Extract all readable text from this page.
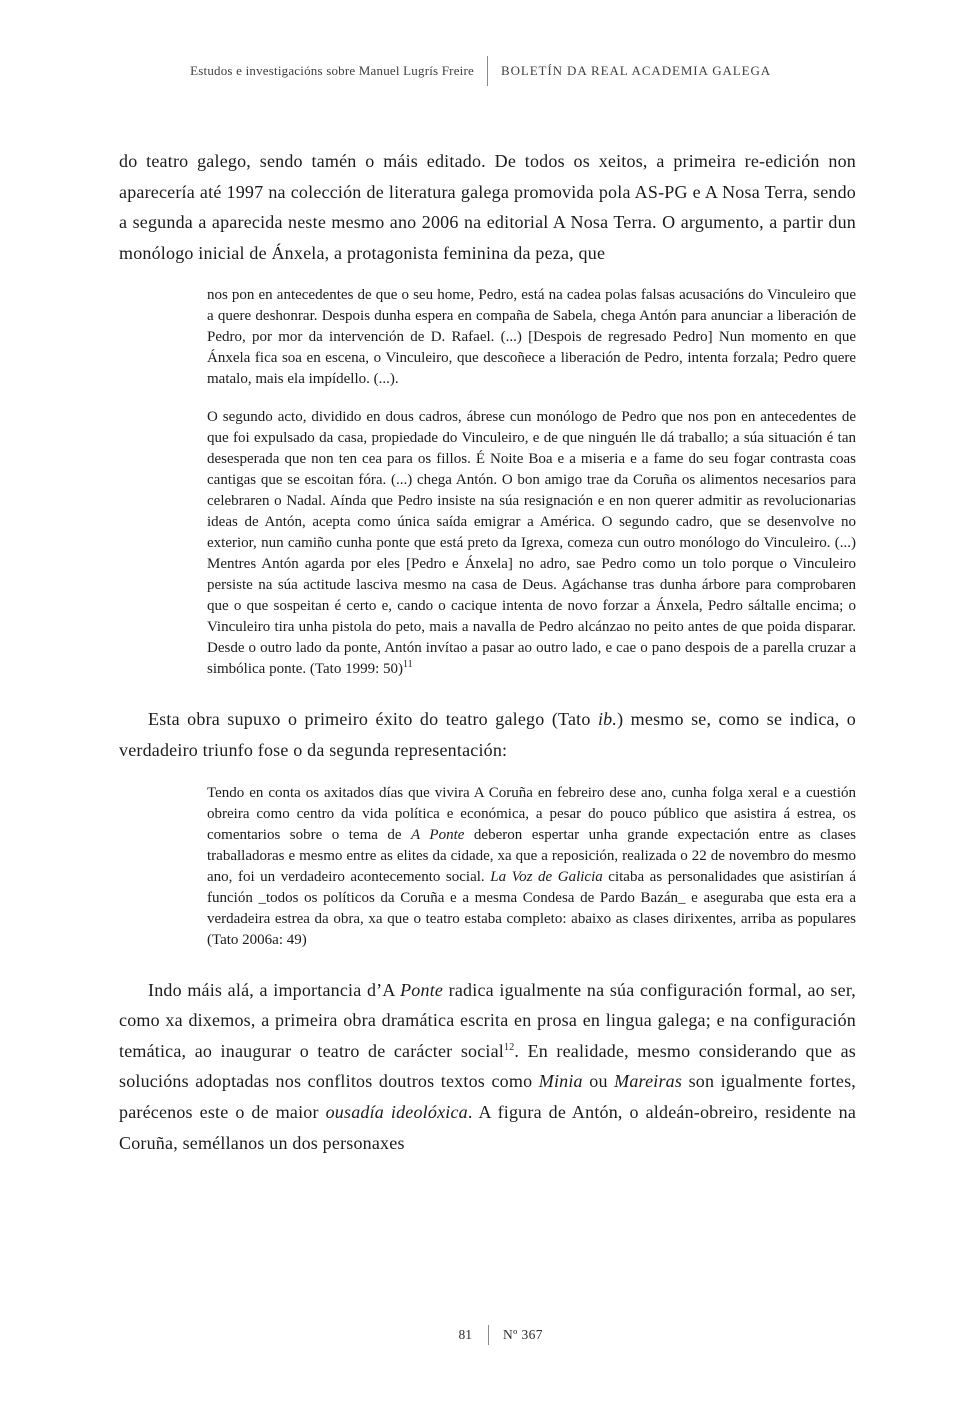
Estudos e investigacións sobre Manuel Lugrís Freire	BOLETÍN DA REAL ACADEMIA GALEGA

do teatro galego, sendo tamén o máis editado. De todos os xeitos, a primeira re-edición non aparecería até 1997 na colección de literatura galega promovida pola AS-PG e A Nosa Terra, sendo a segunda a aparecida neste mesmo ano 2006 na editorial A Nosa Terra. O argumento, a partir dun monólogo inicial de Ánxela, a protagonista feminina da peza, que

nos pon en antecedentes de que o seu home, Pedro, está na cadea polas falsas acusacións do Vinculeiro que a quere deshonrar. Despois dunha espera en compaña de Sabela, chega Antón para anunciar a liberación de Pedro, por mor da intervención de D. Rafael. (...) [Despois de regresado Pedro] Nun momento en que Ánxela fica soa en escena, o Vinculeiro, que descoñece a liberación de Pedro, intenta forzala; Pedro quere matalo, mais ela impídello. (...).

O segundo acto, dividido en dous cadros, ábrese cun monólogo de Pedro que nos pon en antecedentes de que foi expulsado da casa, propiedade do Vinculeiro, e de que ninguén lle dá traballo; a súa situación é tan desesperada que non ten cea para os fillos. É Noite Boa e a miseria e a fame do seu fogar contrasta coas cantigas que se escoitan fóra. (...) chega Antón. O bon amigo trae da Coruña os alimentos necesarios para celebraren o Nadal. Aínda que Pedro insiste na súa resignación e en non querer admitir as revolucionarias ideas de Antón, acepta como única saída emigrar a América. O segundo cadro, que se desenvolve no exterior, nun camiño cunha ponte que está preto da Igrexa, comeza cun outro monólogo do Vinculeiro. (...) Mentres Antón agarda por eles [Pedro e Ánxela] no adro, sae Pedro como un tolo porque o Vinculeiro persiste na súa actitude lasciva mesmo na casa de Deus. Agáchanse tras dunha árbore para comprobaren que o que sospeitan é certo e, cando o cacique intenta de novo forzar a Ánxela, Pedro sáltalle encima; o Vinculeiro tira unha pistola do peto, mais a navalla de Pedro alcánzao no peito antes de que poida disparar. Desde o outro lado da ponte, Antón invítao a pasar ao outro lado, e cae o pano despois de a parella cruzar a simbólica ponte. (Tato 1999: 50)$^{11}$

Esta obra supuxo o primeiro éxito do teatro galego (Tato ib.) mesmo se, como se indica, o verdadeiro triunfo fose o da segunda representación:

Tendo en conta os axitados días que vivira A Coruña en febreiro dese ano, cunha folga xeral e a cuestión obreira como centro da vida política e económica, a pesar do pouco público que asistira á estrea, os comentarios sobre o tema de A Ponte deberon espertar unha grande expectación entre as clases traballadoras e mesmo entre as elites da cidade, xa que a reposición, realizada o 22 de novembro do mesmo ano, foi un verdadeiro acontecemento social. La Voz de Galicia citaba as personalidades que asistirían á función _todos os políticos da Coruña e a mesma Condesa de Pardo Bazán_ e aseguraba que esta era a verdadeira estrea da obra, xa que o teatro estaba completo: abaixo as clases dirixentes, arriba as populares (Tato 2006a: 49)

Indo máis alá, a importancia d’A Ponte radica igualmente na súa configuración formal, ao ser, como xa dixemos, a primeira obra dramática escrita en prosa en lingua galega; e na configuración temática, ao inaugurar o teatro de carácter social$^{12}$. En realidade, mesmo considerando que as solucións adoptadas nos conflitos doutros textos como Minia ou Mareiras son igualmente fortes, parécenos este o de maior ousadía ideolóxica. A figura de Antón, o aldeán-obreiro, residente na Coruña, seméllanos un dos personaxes

81	Nº 367
